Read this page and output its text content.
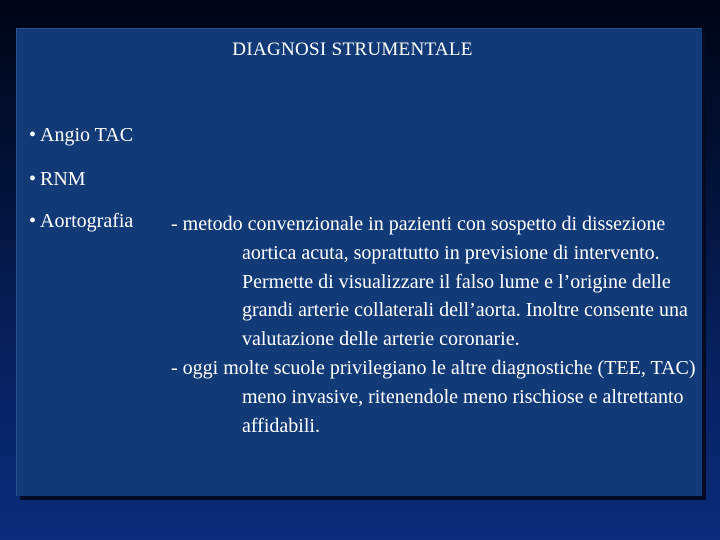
DIAGNOSI STRUMENTALE
• Angio TAC
• RNM
• Aortografia - metodo convenzionale in pazienti con sospetto di dissezione aortica acuta, soprattutto in previsione di intervento. Permette di visualizzare il falso lume e l’origine delle grandi arterie collaterali dell’aorta. Inoltre consente una valutazione delle arterie coronarie.

- oggi molte scuole privilegiano le altre diagnostiche (TEE, TAC) meno invasive, ritenendole meno rischiose e altrettanto affidabili.
